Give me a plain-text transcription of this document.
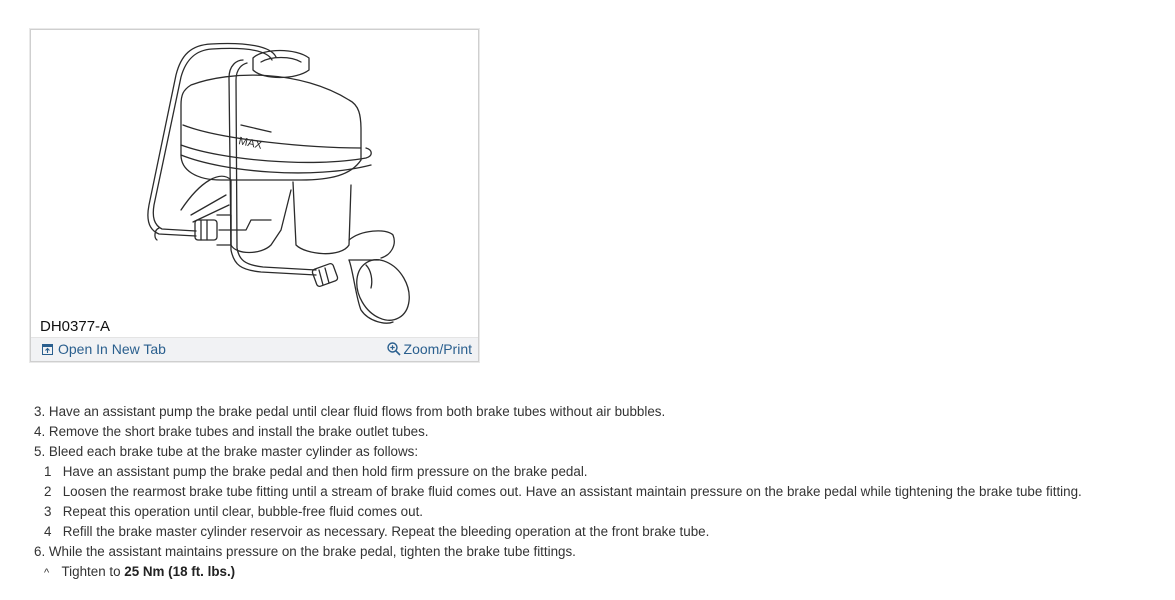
MAX
DH0377-A
Open In New Tab	Zoom/Print
3. Have an assistant pump the brake pedal until clear fluid flows from both brake tubes without air bubbles.
4. Remove the short brake tubes and install the brake outlet tubes.
5. Bleed each brake tube at the brake master cylinder as follows:
1 Have an assistant pump the brake pedal and then hold firm pressure on the brake pedal.
2 Loosen the rearmost brake tube fitting until a stream of brake fluid comes out. Have an assistant maintain pressure on the brake pedal while tightening the brake tube fitting.
3 Repeat this operation until clear, bubble-free fluid comes out.
4 Refill the brake master cylinder reservoir as necessary. Repeat the bleeding operation at the front brake tube.
6. While the assistant maintains pressure on the brake pedal, tighten the brake tube fittings.
^ Tighten to 25 Nm (18 ft. lbs.)
